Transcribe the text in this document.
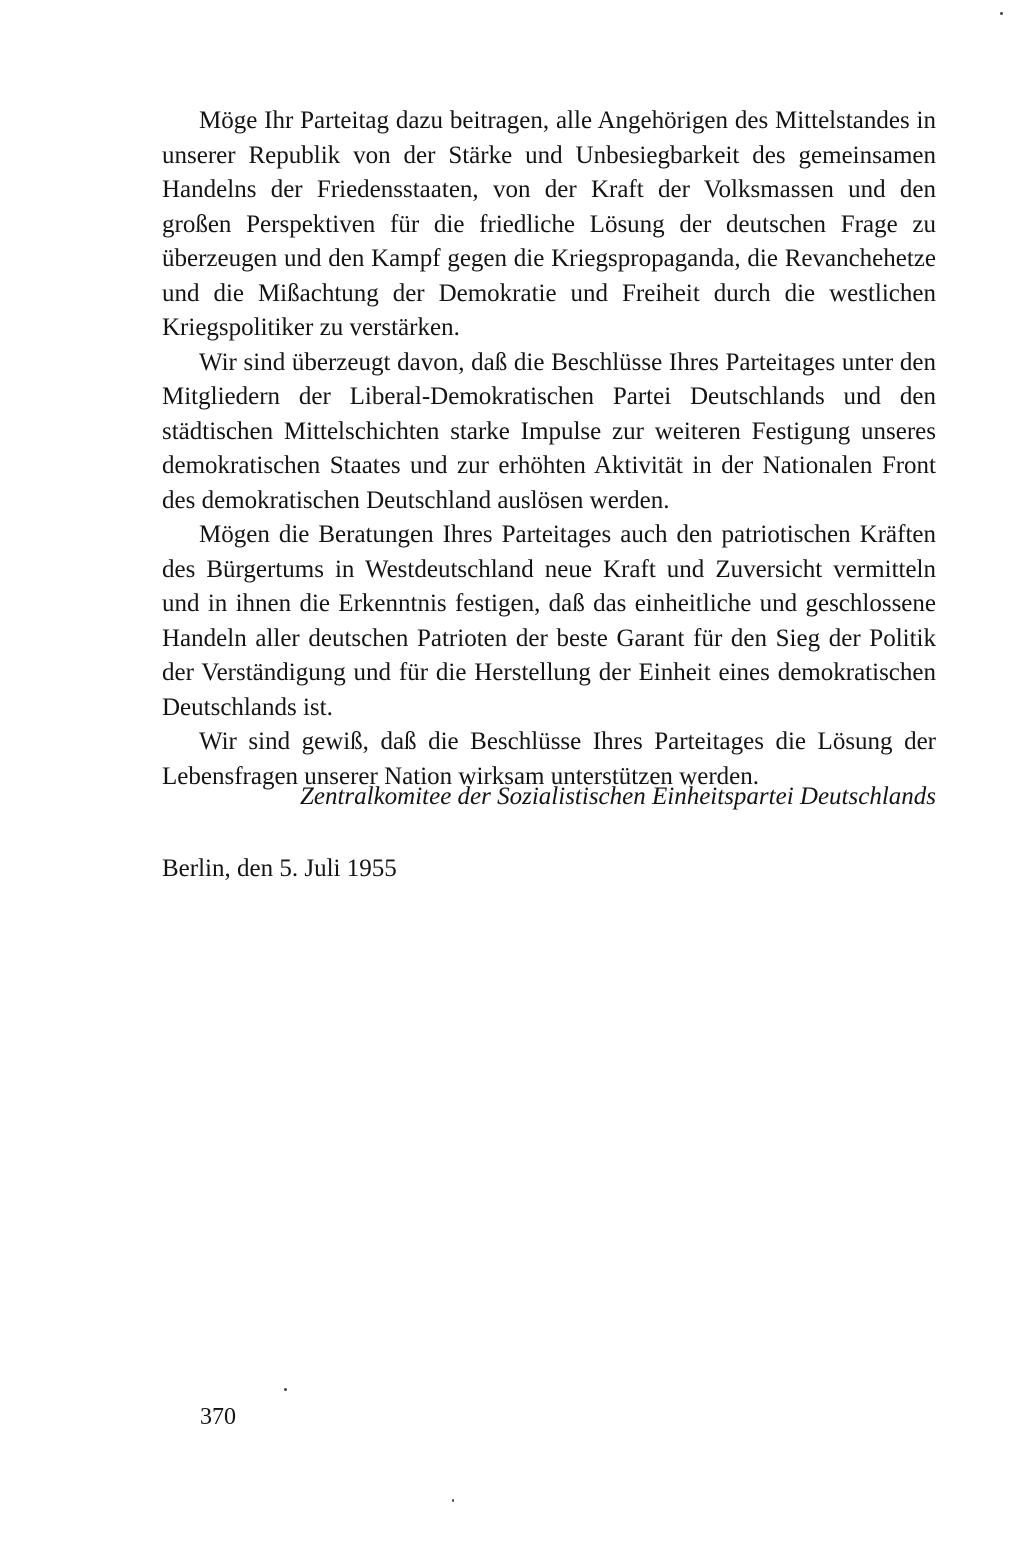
Möge Ihr Parteitag dazu beitragen, alle Angehörigen des Mittelstandes in unserer Republik von der Stärke und Unbesiegbarkeit des gemeinsamen Handelns der Friedensstaaten, von der Kraft der Volksmassen und den großen Perspektiven für die friedliche Lösung der deutschen Frage zu überzeugen und den Kampf gegen die Kriegspropaganda, die Revanchehetze und die Mißachtung der Demokratie und Freiheit durch die westlichen Kriegspolitiker zu verstärken.

Wir sind überzeugt davon, daß die Beschlüsse Ihres Parteitages unter den Mitgliedern der Liberal-Demokratischen Partei Deutschlands und den städtischen Mittelschichten starke Impulse zur weiteren Festigung unseres demokratischen Staates und zur erhöhten Aktivität in der Nationalen Front des demokratischen Deutschland auslösen werden.

Mögen die Beratungen Ihres Parteitages auch den patriotischen Kräften des Bürgertums in Westdeutschland neue Kraft und Zuversicht vermitteln und in ihnen die Erkenntnis festigen, daß das einheitliche und geschlossene Handeln aller deutschen Patrioten der beste Garant für den Sieg der Politik der Verständigung und für die Herstellung der Einheit eines demokratischen Deutschlands ist.

Wir sind gewiß, daß die Beschlüsse Ihres Parteitages die Lösung der Lebensfragen unserer Nation wirksam unterstützen werden.

Zentralkomitee der Sozialistischen Einheitspartei Deutschlands

Berlin, den 5. Juli 1955

370
